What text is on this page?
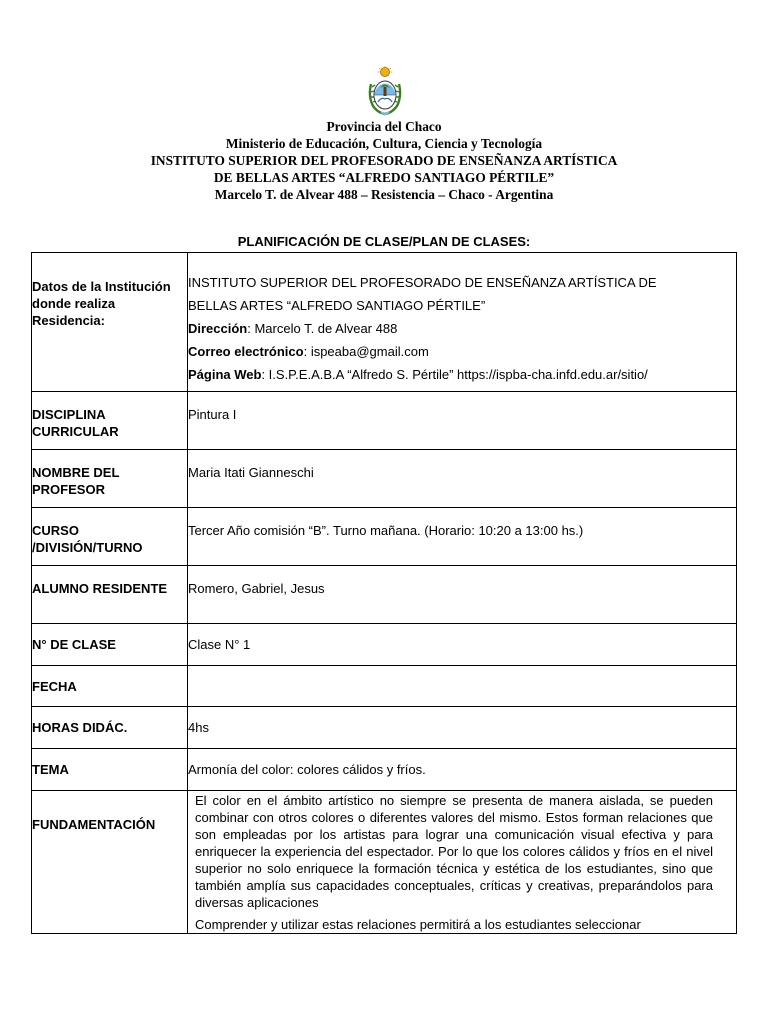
Provincia del Chaco
Ministerio de Educación, Cultura, Ciencia y Tecnología
INSTITUTO SUPERIOR DEL PROFESORADO DE ENSEÑANZA ARTÍSTICA
DE BELLAS ARTES “ALFREDO SANTIAGO PÉRTILE”
Marcelo T. de Alvear 488 – Resistencia – Chaco - Argentina
PLANIFICACIÓN DE CLASE/PLAN DE CLASES:
Datos de la Institución donde realiza Residencia:	INSTITUTO SUPERIOR DEL PROFESORADO DE ENSEÑANZA ARTÍSTICA DE
BELLAS ARTES “ALFREDO SANTIAGO PÉRTILE”
Dirección: Marcelo T. de Alvear 488
Correo electrónico: ispeaba@gmail.com
Página Web: I.S.P.E.A.B.A “Alfredo S. Pértile” https://ispba-cha.infd.edu.ar/sitio/

DISCIPLINA CURRICULAR	Pintura I
NOMBRE DEL PROFESOR	Maria Itati Gianneschi
CURSO /DIVISIÓN/TURNO	Tercer Año comisión “B”. Turno mañana. (Horario: 10:20 a 13:00 hs.)
ALUMNO RESIDENTE	Romero, Gabriel, Jesus
N° DE CLASE	Clase N° 1
FECHA	
HORAS DIDÁC.	4hs
TEMA	Armonía del color: colores cálidos y fríos.
FUNDAMENTACIÓN	El color en el ámbito artístico no siempre se presenta de manera aislada, se pueden combinar con otros colores o diferentes valores del mismo. Estos forman relaciones que son empleadas por los artistas para lograr una comunicación visual efectiva y para enriquecer la experiencia del espectador. Por lo que los colores cálidos y fríos en el nivel superior no solo enriquece la formación técnica y estética de los estudiantes, sino que también amplía sus capacidades conceptuales, críticas y creativas, preparándolos para diversas aplicaciones

Comprender y utilizar estas relaciones permitirá a los estudiantes seleccionar
